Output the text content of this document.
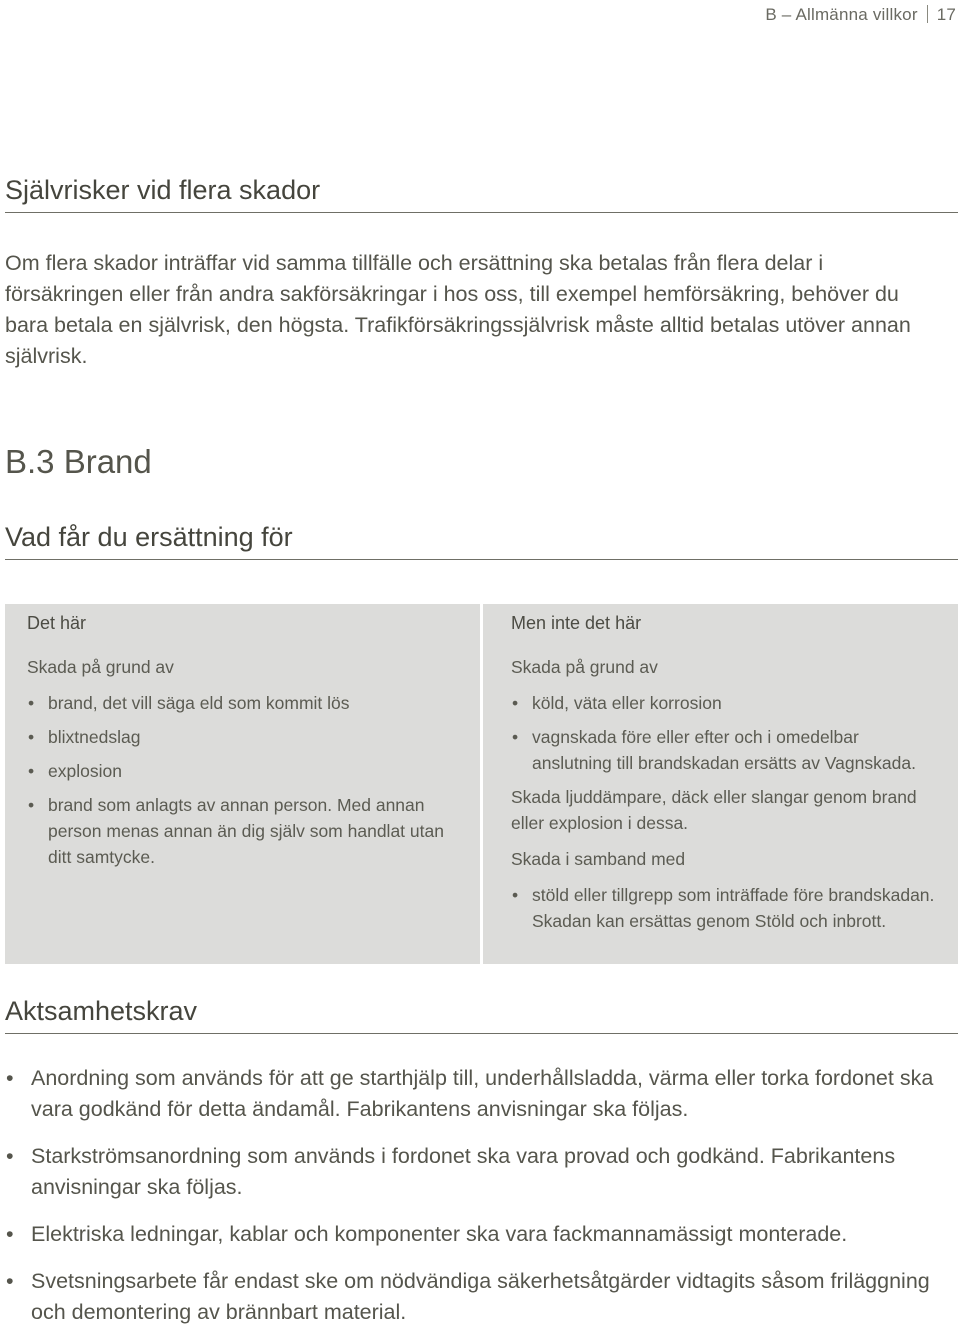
B – Allmänna villkor 17
Självrisker vid flera skador

Om flera skador inträffar vid samma tillfälle och ersättning ska betalas från flera delar i försäkringen eller från andra sakförsäkringar i hos oss, till exempel hemförsäkring, behöver du bara betala en självrisk, den högsta. Trafikförsäkringssjälvrisk måste alltid betalas utöver annan självrisk.

B.3 Brand
Vad får du ersättning för

Det här

Skada på grund av

• brand, det vill säga eld som kommit lös
• blixtnedslag
• explosion
• brand som anlagts av annan person. Med annan person menas annan än dig själv som handlat utan ditt samtycke.

Men inte det här

Skada på grund av

• köld, väta eller korrosion
• vagnskada före eller efter och i omedelbar anslutning till brandskadan ersätts av Vagnskada.

Skada ljuddämpare, däck eller slangar genom brand eller explosion i dessa.

Skada i samband med

• stöld eller tillgrepp som inträffade före brandskadan. Skadan kan ersättas genom Stöld och inbrott.
Aktsamhetskrav
• Anordning som används för att ge starthjälp till, underhållsladda, värma eller torka fordonet ska vara godkänd för detta ändamål. Fabrikantens anvisningar ska följas.
• Starkströmsanordning som används i fordonet ska vara provad och godkänd. Fabrikantens anvisningar ska följas.
• Elektriska ledningar, kablar och komponenter ska vara fackmannamässigt monterade.
• Svetsningsarbete får endast ske om nödvändiga säkerhetsåtgärder vidtagits såsom friläggning och demontering av brännbart material.
